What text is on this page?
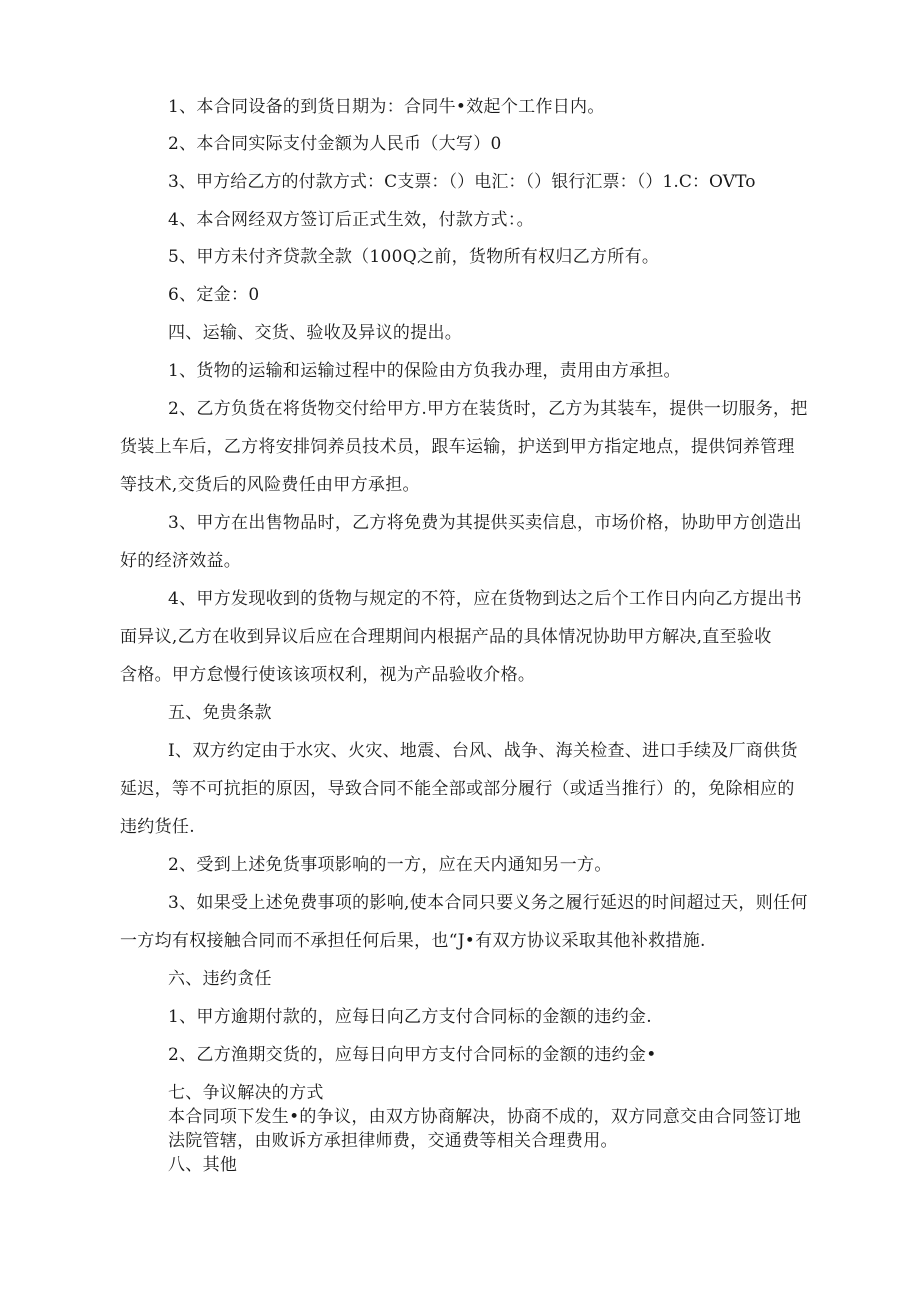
1、本合同设备的到货日期为：合同牛•效起个工作日内。
2、本合同实际支付金额为人民币（大写）0
3、甲方给乙方的付款方式：C支票：（）电汇：（）银行汇票：（）1.C：OVTo
4、本合网经双方签订后正式生效，付款方式：。
5、甲方未付齐贷款全款（100Q之前，货物所有权归乙方所有。
6、定金：0
四、运输、交货、验收及异议的提出。
1、货物的运输和运输过程中的保险由方负我办理，责用由方承担。
2、乙方负货在将货物交付给甲方.甲方在装货时，乙方为其装车，提供一切服务，把
货装上车后，乙方将安排饲养员技术员，跟车运输，护送到甲方指定地点，提供饲养管理
等技术,交货后的风险费任由甲方承担。
3、甲方在出售物品时，乙方将免费为其提供买卖信息，市场价格，协助甲方创造出
好的经济效益。
4、甲方发现收到的货物与规定的不符，应在货物到达之后个工作日内向乙方提出书
面异议,乙方在收到异议后应在合理期间内根据产品的具体情况协助甲方解决,直至验收
含格。甲方怠慢行使该该项权利，视为产品验收介格。
五、免贵条款
I、双方约定由于水灾、火灾、地震、台风、战争、海关检查、进口手续及厂商供货
延迟，等不可抗拒的原因，导致合同不能全部或部分履行（或适当推行）的，免除相应的
违约货任.
2、受到上述免货事项影响的一方，应在天内通知另一方。
3、如果受上述免费事项的影响,使本合同只要义务之履行延迟的时间超过天，则任何
一方均有权接触合同而不承担任何后果，也“J•有双方协议采取其他补救措施.
六、违约贪任
1、甲方逾期付款的，应每日向乙方支付合同标的金额的违约金.
2、乙方渔期交货的，应每日向甲方支付合同标的金额的违约金•
七、争议解决的方式
本合同项下发生•的争议，由双方协商解决，协商不成的，双方同意交由合同签订地
法院管辖，由败诉方承担律师费，交通费等相关合理费用。
八、其他
